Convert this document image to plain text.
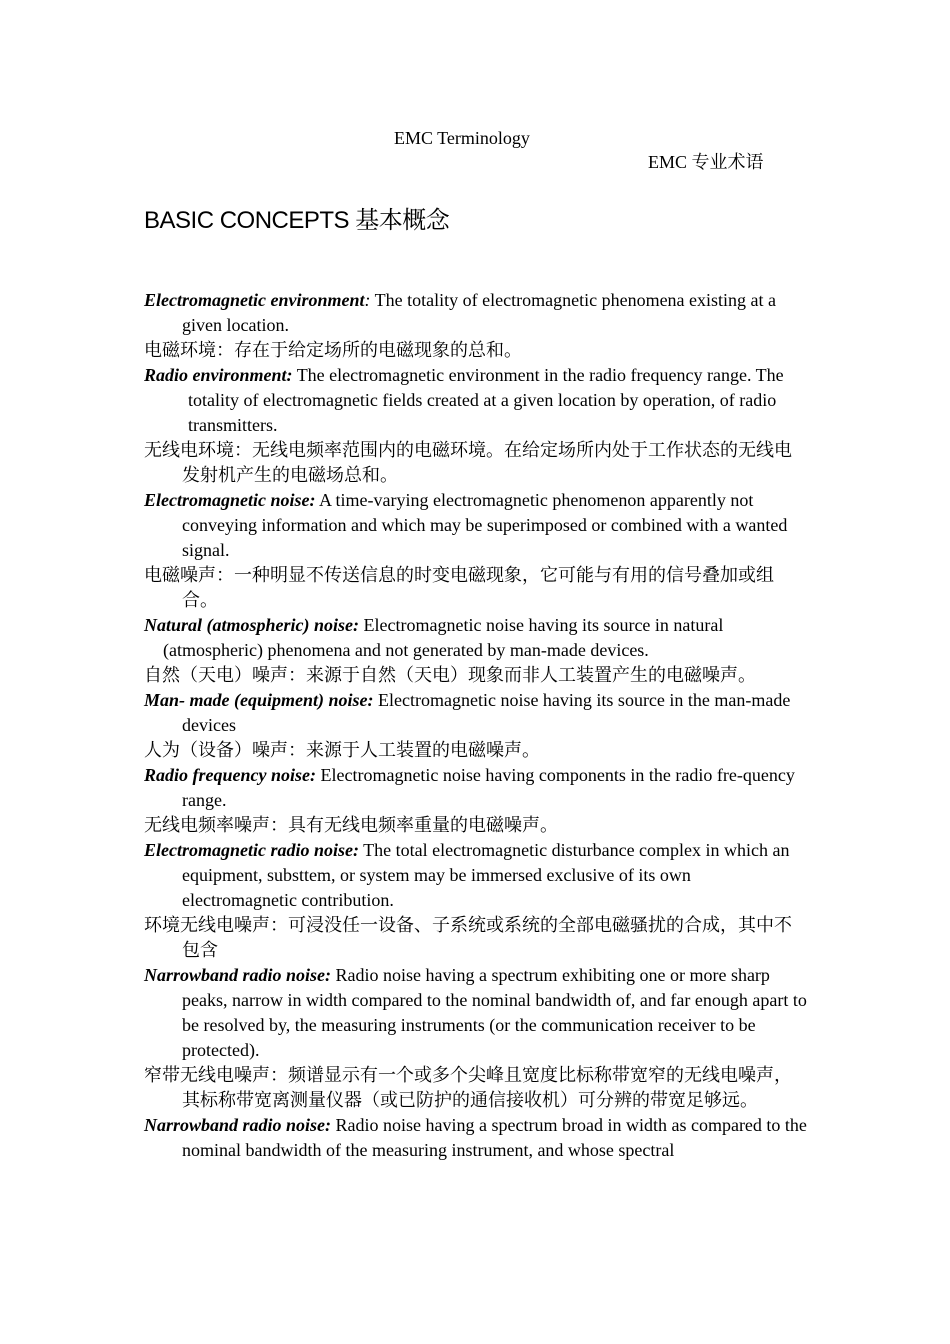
EMC Terminology
EMC 专业术语
BASIC CONCEPTS 基本概念

Electromagnetic environment: The totality of electromagnetic phenomena existing at a given location.

电磁环境：存在于给定场所的电磁现象的总和。

Radio environment: The electromagnetic environment in the radio frequency range. The totality of electromagnetic fields created at a given location by operation, of radio transmitters.

无线电环境：无线电频率范围内的电磁环境。在给定场所内处于工作状态的无线电发射机产生的电磁场总和。

Electromagnetic noise: A time-varying electromagnetic phenomenon apparently not conveying information and which may be superimposed or combined with a wanted signal.

电磁噪声：一种明显不传送信息的时变电磁现象，它可能与有用的信号叠加或组合。

Natural (atmospheric) noise: Electromagnetic noise having its source in natural (atmospheric) phenomena and not generated by man-made devices.

自然（天电）噪声：来源于自然（天电）现象而非人工装置产生的电磁噪声。

Man- made (equipment) noise: Electromagnetic noise having its source in the man-made devices

人为（设备）噪声：来源于人工装置的电磁噪声。

Radio frequency noise: Electromagnetic noise having components in the radio fre-quency range.

无线电频率噪声：具有无线电频率重量的电磁噪声。

Electromagnetic radio noise: The total electromagnetic disturbance complex in which an equipment, substtem, or system may be immersed exclusive of its own electromagnetic contribution.

环境无线电噪声：可浸没任一设备、子系统或系统的全部电磁骚扰的合成，其中不包含

Narrowband radio noise: Radio noise having a spectrum exhibiting one or more sharp peaks, narrow in width compared to the nominal bandwidth of, and far enough apart to be resolved by, the measuring instruments (or the communication receiver to be protected).

窄带无线电噪声：频谱显示有一个或多个尖峰且宽度比标称带宽窄的无线电噪声，其标称带宽离测量仪器（或已防护的通信接收机）可分辨的带宽足够远。

Narrowband radio noise: Radio noise having a spectrum broad in width as compared to the nominal bandwidth of the measuring instrument, and whose spectral
